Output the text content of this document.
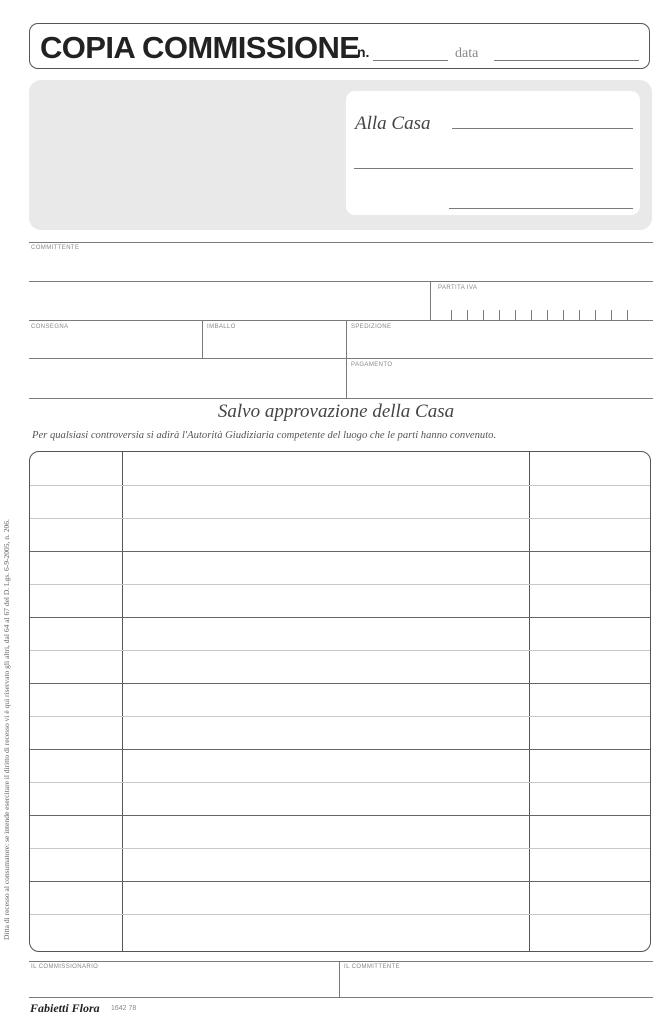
COPIA COMMISSIONE
n.	data
Alla Casa
Ditta di recesso al consumatore: se intende esercitare il diritto di recesso vi è qui riservato gli altri, dal 64 al 67 del D. Lgs. 6-9-2005, n. 206.
COMMITTENTE
PARTITA IVA
CONSEGNA	IMBALLO	SPEDIZIONE
PAGAMENTO
Salvo approvazione della Casa
Per qualsiasi controversia si adirà l'Autorità Giudiziaria competente del luogo che le parti hanno convenuto.
IL COMMISSIONARIO	IL COMMITTENTE
Fabietti Flora 1642 78
